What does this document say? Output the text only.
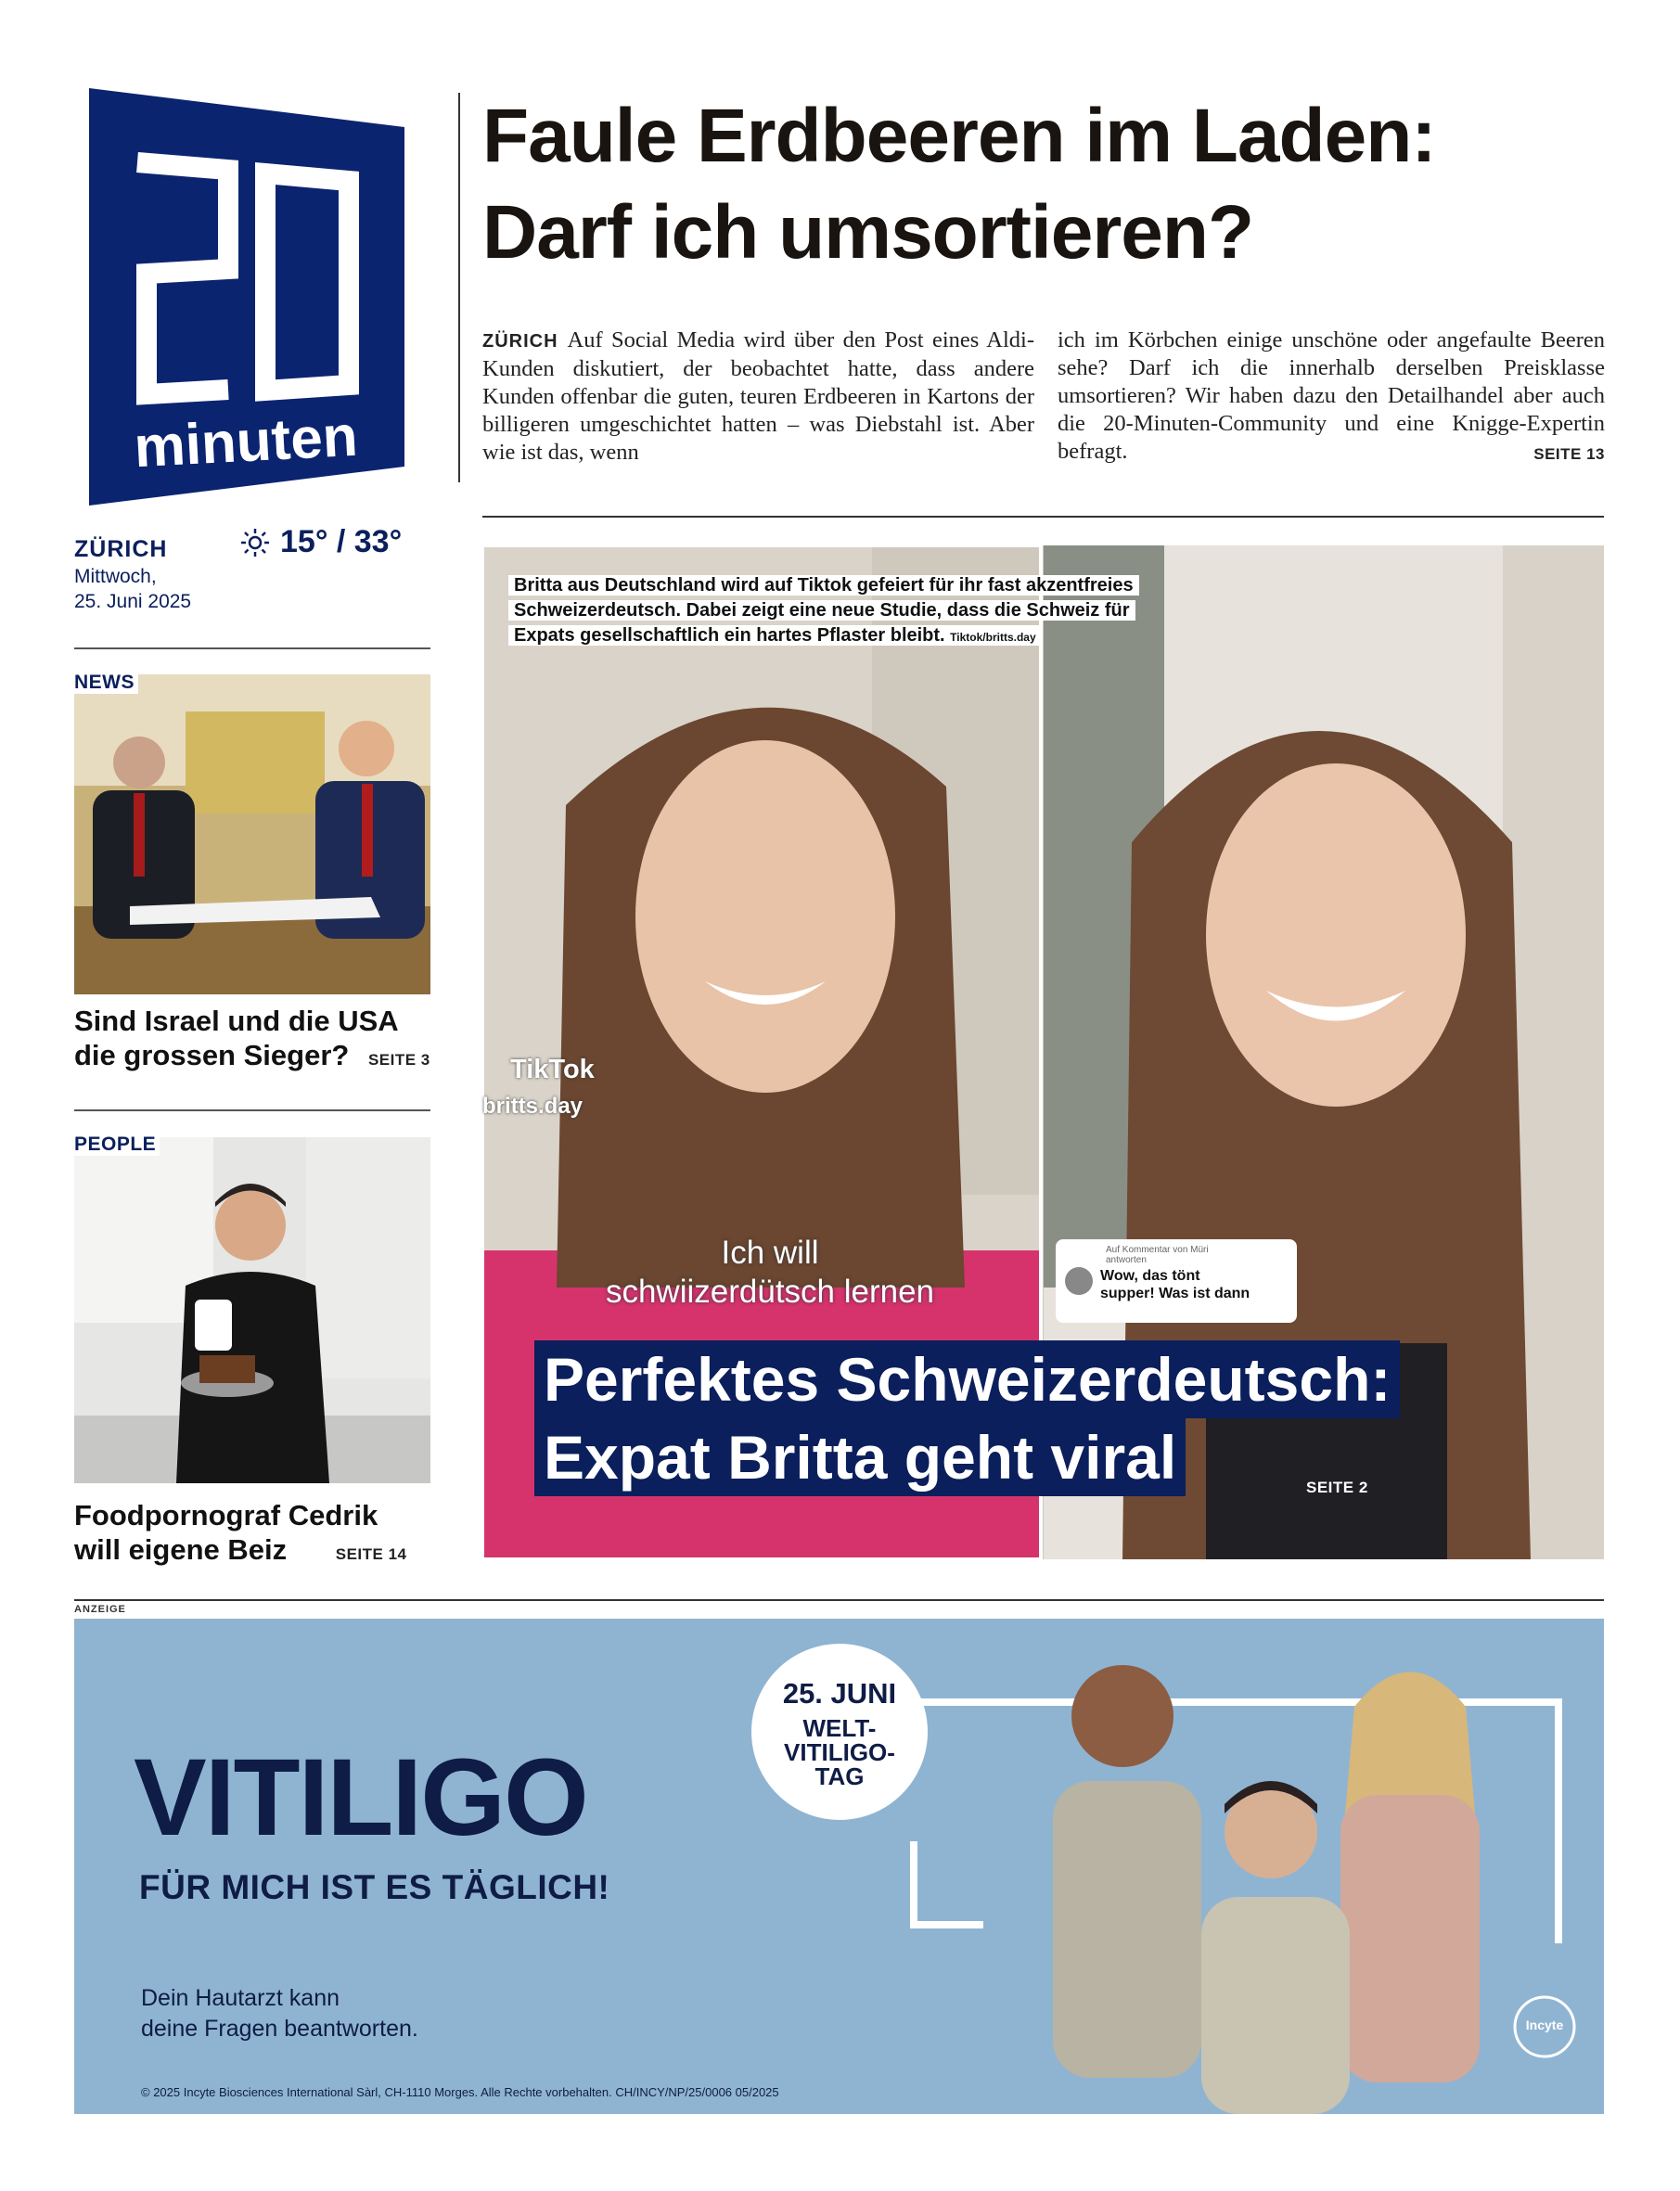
minuten
ZÜRICH
Mittwoch,
25. Juni 2025
15° / 33°
NEWS
Sind Israel und die USA
die grossen Sieger? SEITE 3
PEOPLE
Foodpornograf Cedrik
will eigene Beiz	SEITE 14
Faule Erdbeeren im Laden:
Darf ich umsortieren?
ZÜRICH Auf Social Media wird über den Post eines Aldi-Kunden diskutiert, der beobachtet hatte, dass andere Kunden offenbar die guten, teuren Erdbeeren in Kartons der billigeren umgeschichtet hatten – was Diebstahl ist. Aber wie ist das, wenn
ich im Körbchen einige unschöne oder angefaulte Beeren sehe? Darf ich die innerhalb derselben Preisklasse umsortieren? Wir haben dazu den Detailhandel aber auch die 20-Minuten-Community und eine Knigge-Expertin befragt.	SEITE 13
Britta aus Deutschland wird auf Tiktok gefeiert für ihr fast akzentfreies
Schweizerdeutsch. Dabei zeigt eine neue Studie, dass die Schweiz für
Expats gesellschaftlich ein hartes Pflaster bleibt. Tiktok/britts.day
TikTok
britts.day
Ich will
schwiizerdütsch lernen
Auf Kommentar von Müri
antworten
Wow, das tönt
supper! Was ist dann
Perfektes Schweizerdeutsch:
Expat Britta geht viral	SEITE 2
ANZEIGE
VITILIGO
FÜR MICH IST ES TÄGLICH!
Dein Hautarzt kann
deine Fragen beantworten.
© 2025 Incyte Biosciences International Sàrl, CH-1110 Morges. Alle Rechte vorbehalten. CH/INCY/NP/25/0006 05/2025
25. JUNI
WELT-
VITILIGO-
TAG
Incyte
